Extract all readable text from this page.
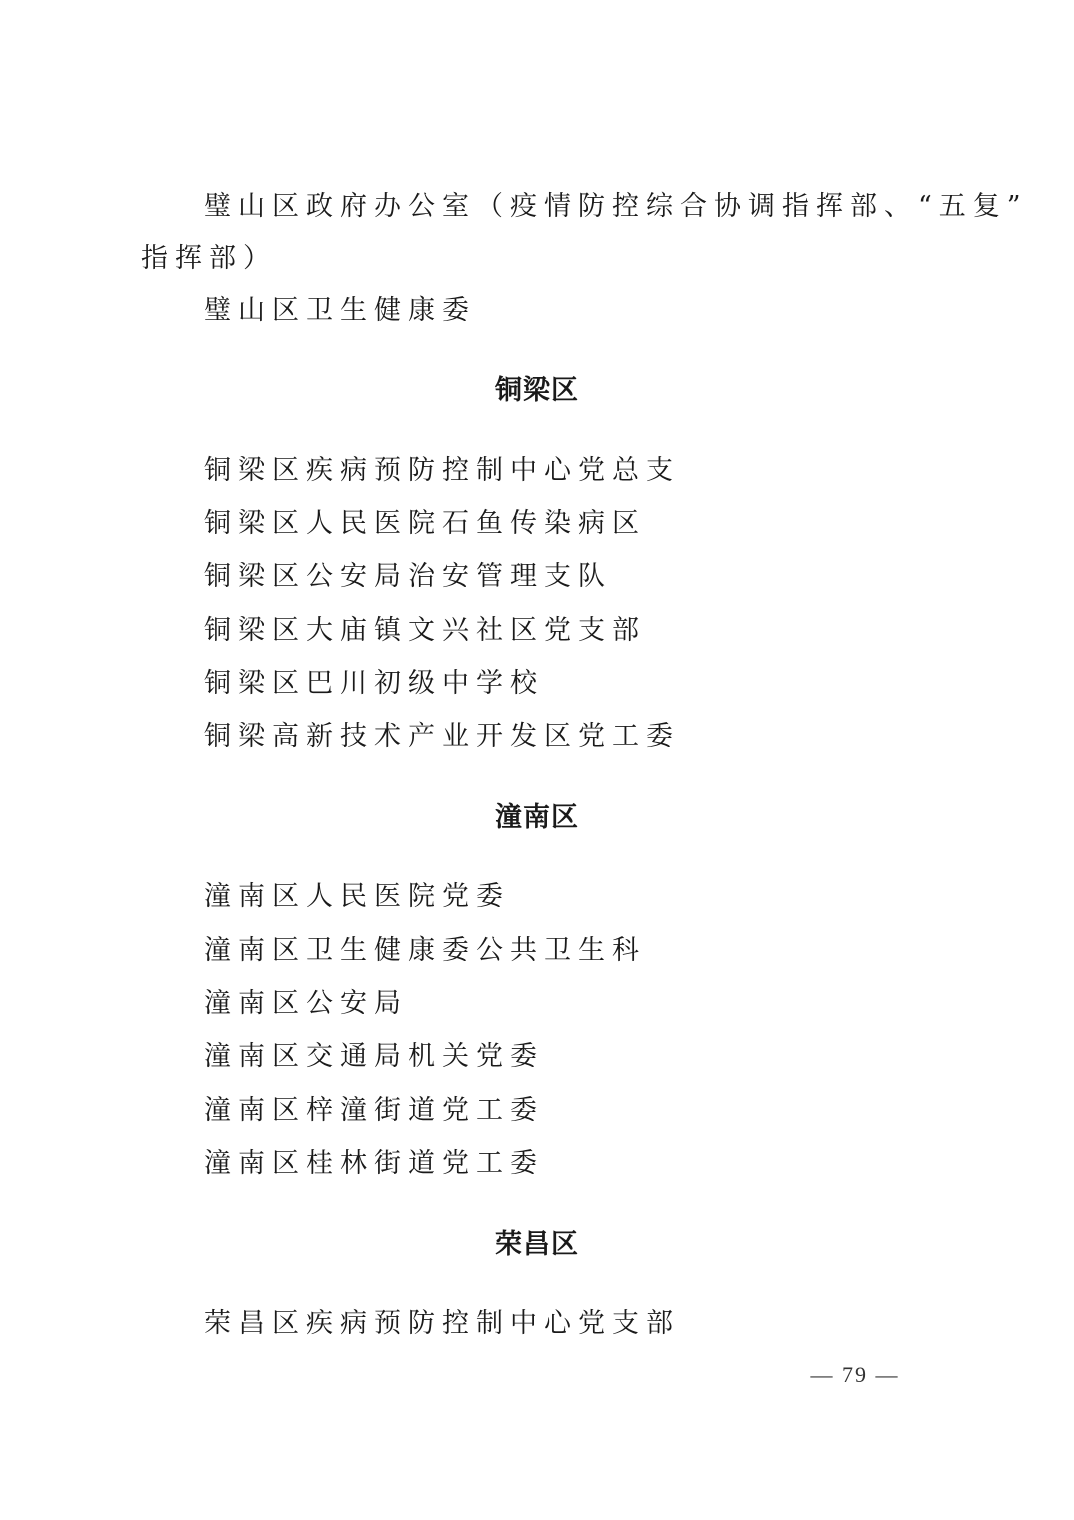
璧山区政府办公室（疫情防控综合协调指挥部、“五复”
指挥部）
璧山区卫生健康委
铜梁区
铜梁区疾病预防控制中心党总支
铜梁区人民医院石鱼传染病区
铜梁区公安局治安管理支队
铜梁区大庙镇文兴社区党支部
铜梁区巴川初级中学校
铜梁高新技术产业开发区党工委
潼南区
潼南区人民医院党委
潼南区卫生健康委公共卫生科
潼南区公安局
潼南区交通局机关党委
潼南区梓潼街道党工委
潼南区桂林街道党工委
荣昌区
荣昌区疾病预防控制中心党支部
— 79 —
